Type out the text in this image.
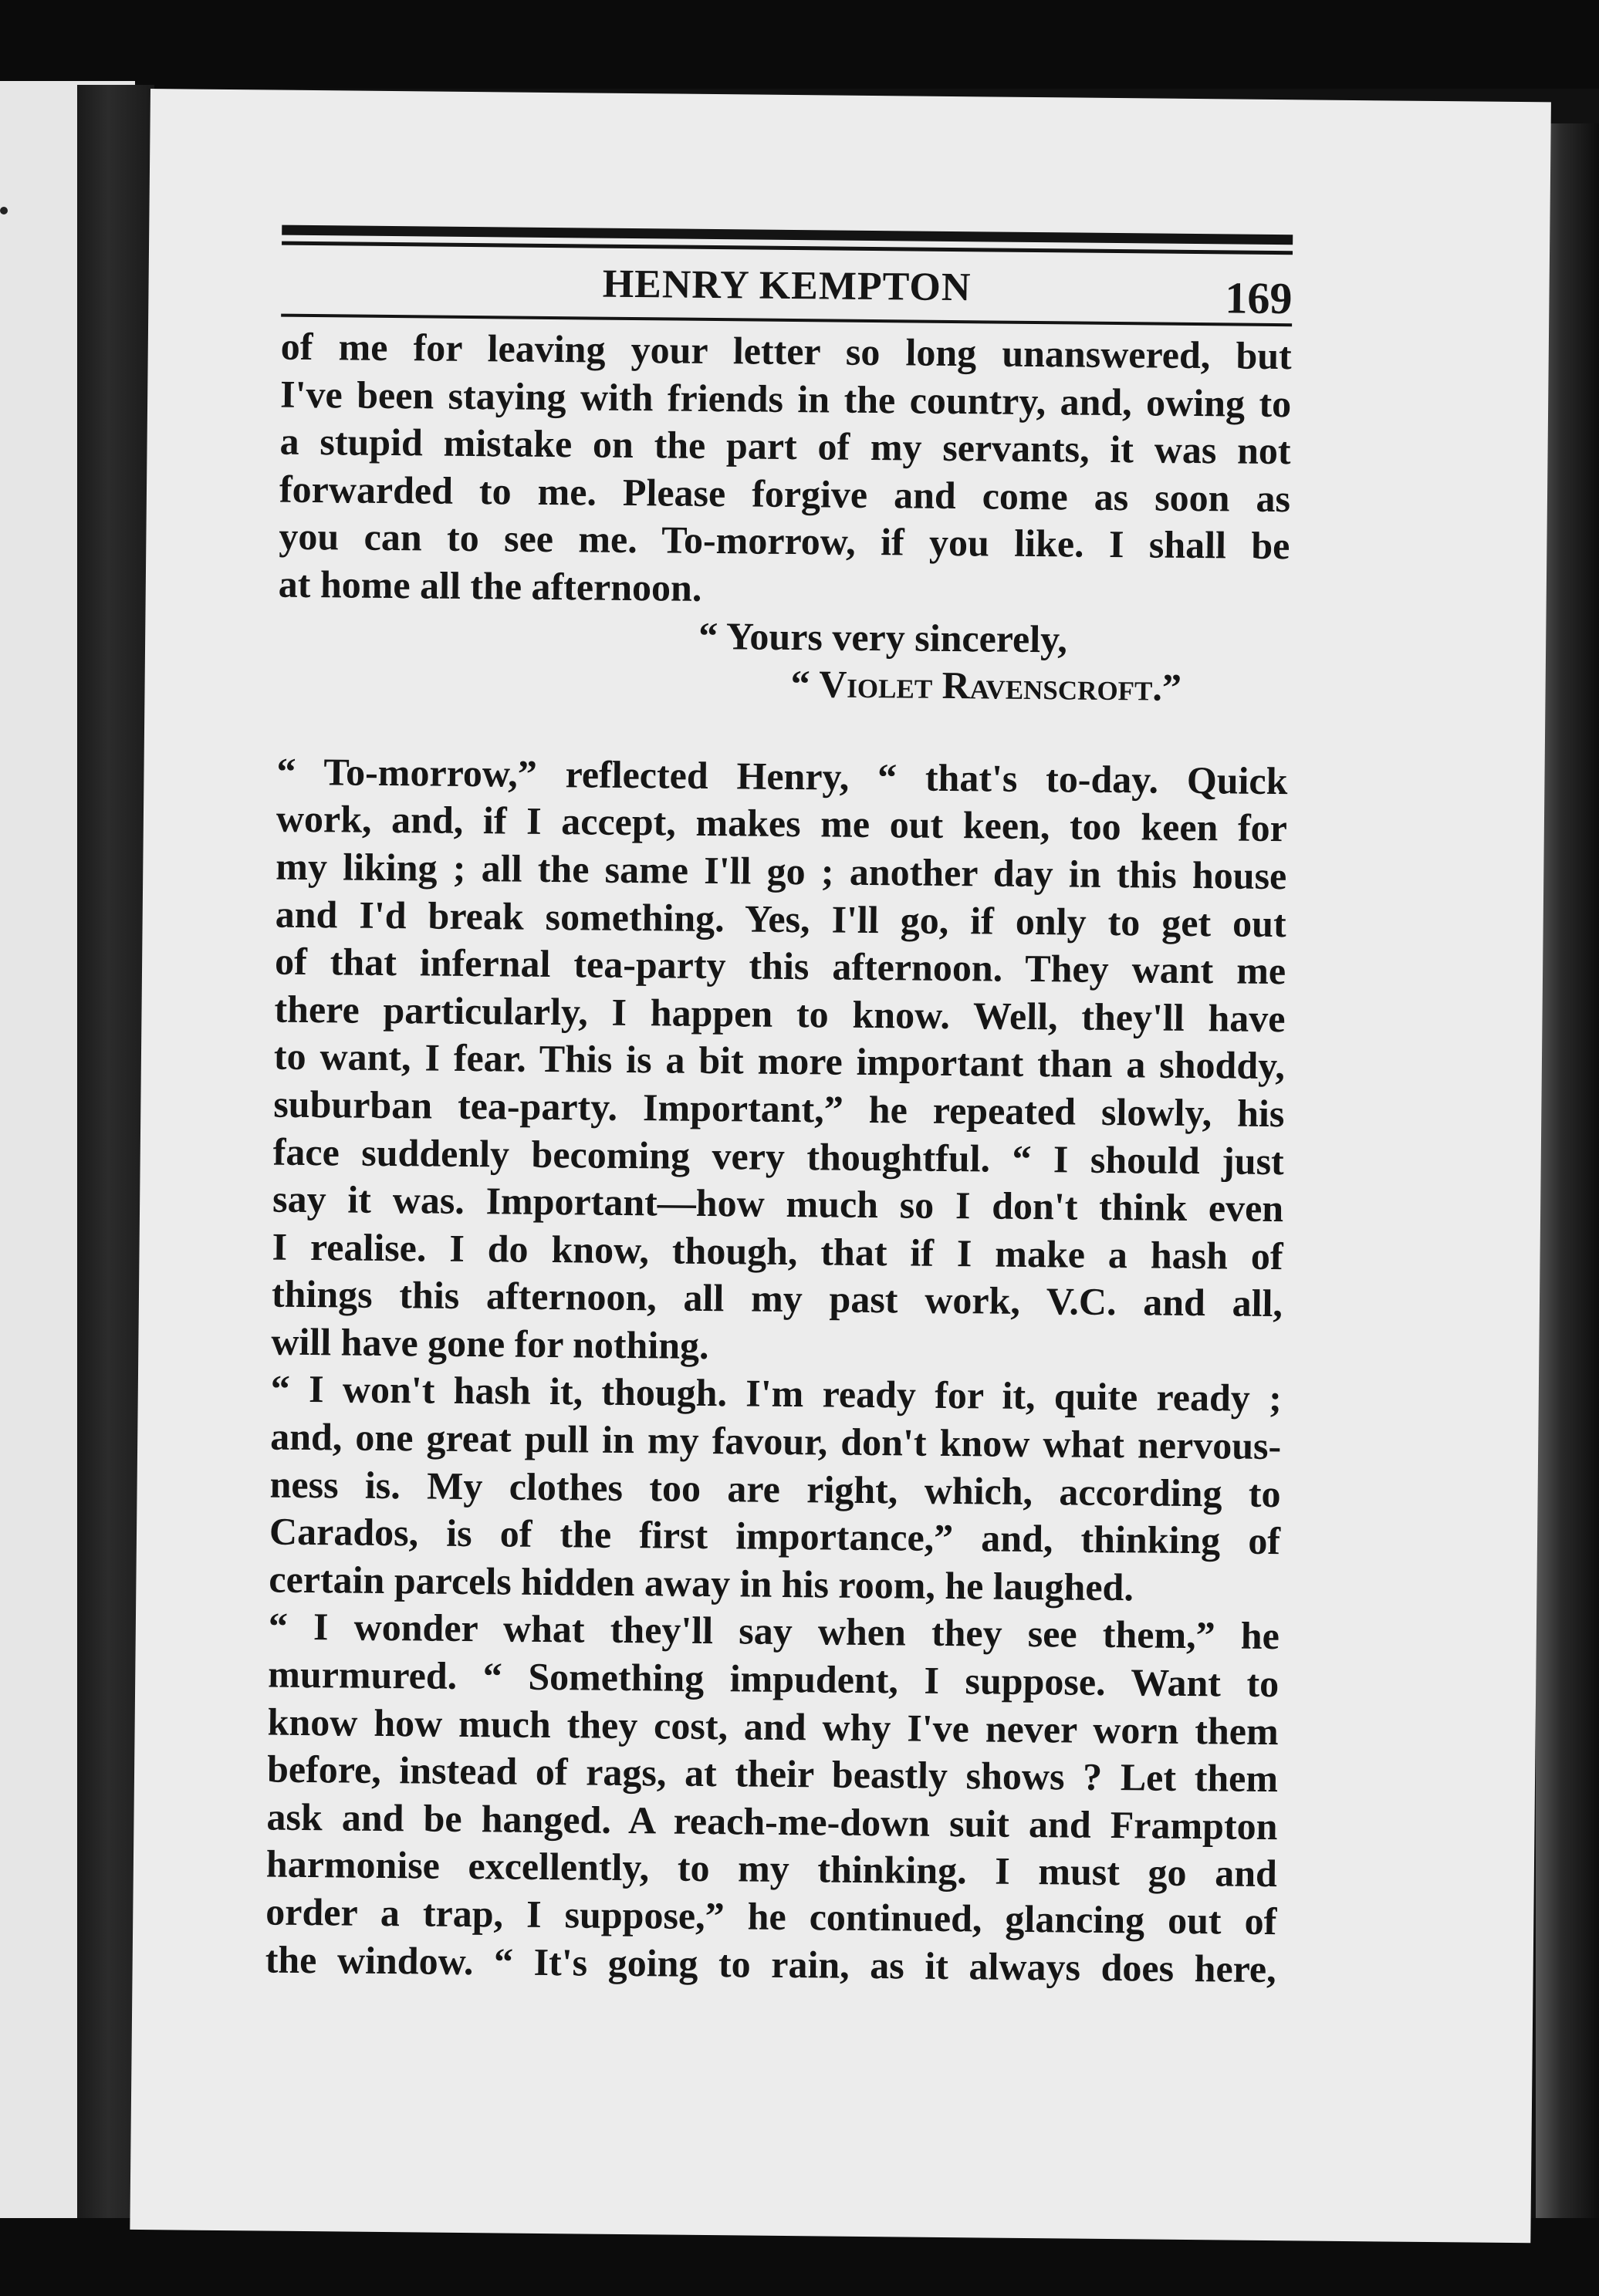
HENRY KEMPTON	169
of me for leaving your letter so long unanswered, but
I've been staying with friends in the country, and, owing to
a stupid mistake on the part of my servants, it was not
forwarded to me. Please forgive and come as soon as
you can to see me. To-morrow, if you like. I shall be
at home all the afternoon.
“ Yours very sincerely,
“ Violet Ravenscroft.”
“ To-morrow,” reflected Henry, “ that's to-day. Quick
work, and, if I accept, makes me out keen, too keen for
my liking ; all the same I'll go ; another day in this house
and I'd break something. Yes, I'll go, if only to get out
of that infernal tea-party this afternoon. They want me
there particularly, I happen to know. Well, they'll have
to want, I fear. This is a bit more important than a shoddy,
suburban tea-party. Important,” he repeated slowly, his
face suddenly becoming very thoughtful. “ I should just
say it was. Important—how much so I don't think even
I realise. I do know, though, that if I make a hash of
things this afternoon, all my past work, V.C. and all,
will have gone for nothing.
“ I won't hash it, though. I'm ready for it, quite ready ;
and, one great pull in my favour, don't know what nervous-
ness is. My clothes too are right, which, according to
Carados, is of the first importance,” and, thinking of
certain parcels hidden away in his room, he laughed.
“ I wonder what they'll say when they see them,” he
murmured. “ Something impudent, I suppose. Want to
know how much they cost, and why I've never worn them
before, instead of rags, at their beastly shows ? Let them
ask and be hanged. A reach-me-down suit and Frampton
harmonise excellently, to my thinking. I must go and
order a trap, I suppose,” he continued, glancing out of
the window. “ It's going to rain, as it always does here,
